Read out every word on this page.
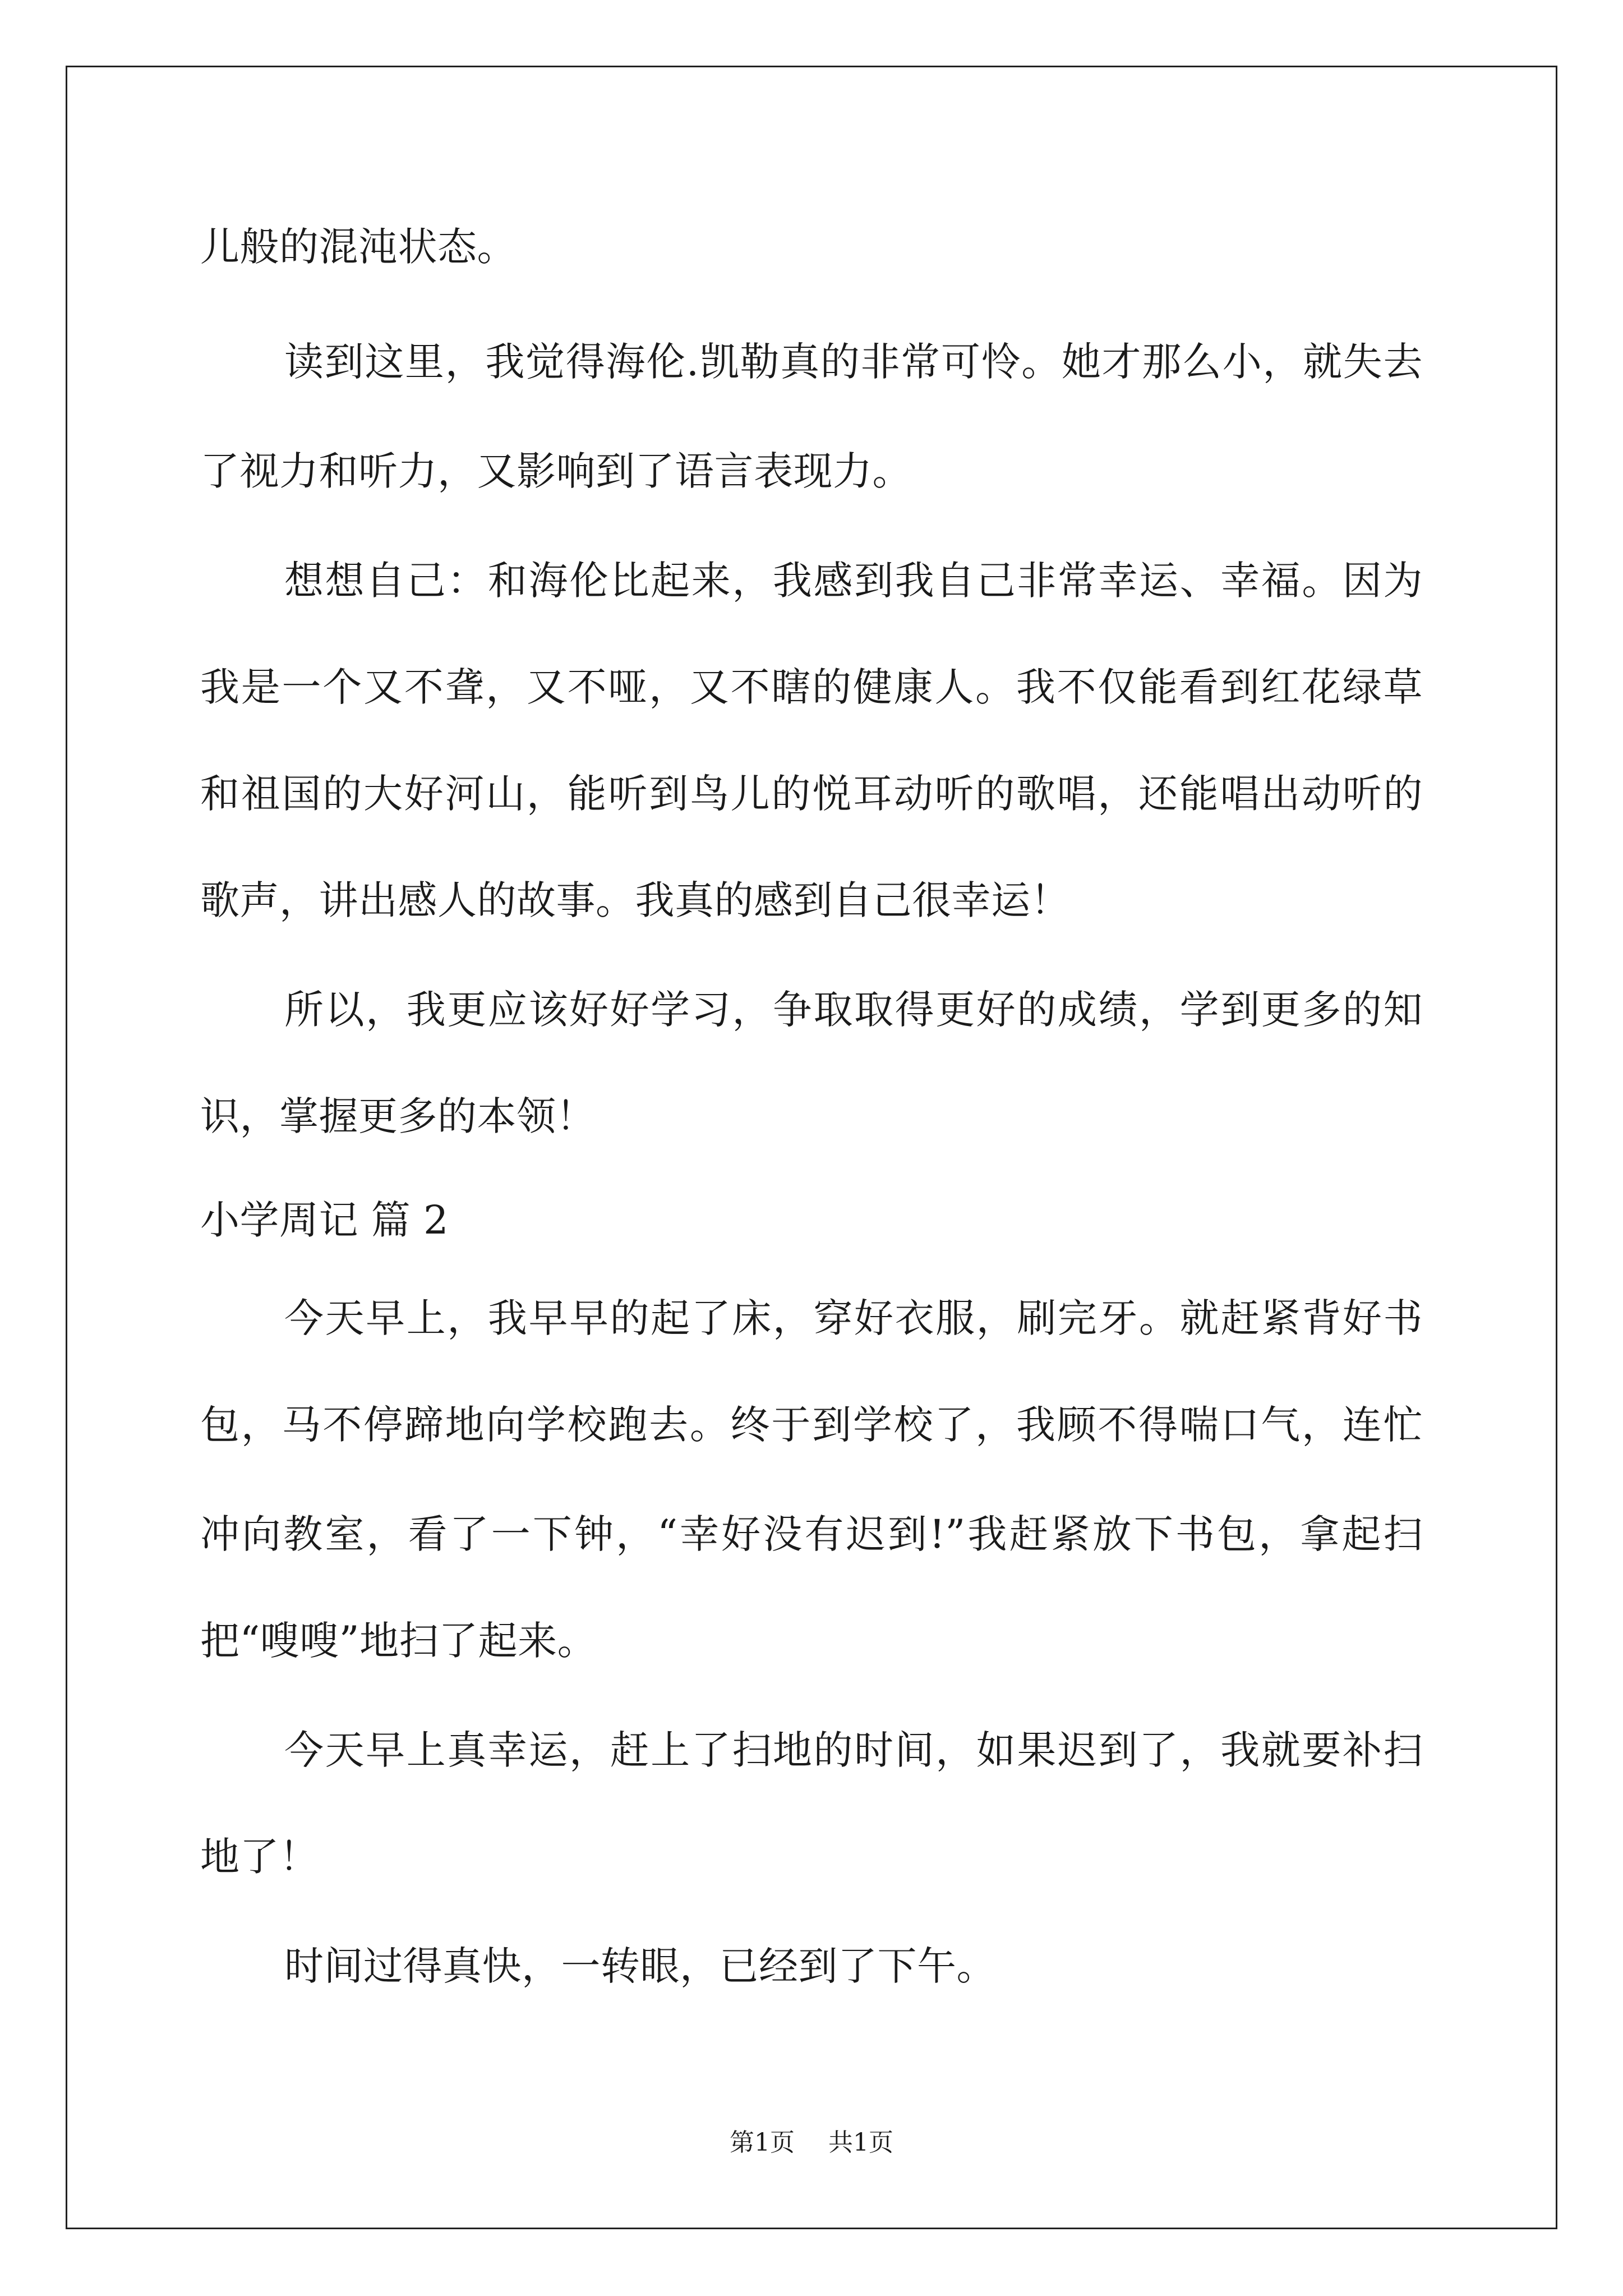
儿般的混沌状态。
读到这里，我觉得海伦.凯勒真的非常可怜。她才那么小，就失去
了视力和听力，又影响到了语言表现力。
想想自己：和海伦比起来，我感到我自己非常幸运、幸福。因为
我是一个又不聋，又不哑，又不瞎的健康人。我不仅能看到红花绿草
和祖国的大好河山，能听到鸟儿的悦耳动听的歌唱，还能唱出动听的
歌声，讲出感人的故事。我真的感到自己很幸运！
所以，我更应该好好学习，争取取得更好的成绩，学到更多的知
识，掌握更多的本领！
小学周记 篇 2
今天早上，我早早的起了床，穿好衣服，刷完牙。就赶紧背好书
包，马不停蹄地向学校跑去。终于到学校了，我顾不得喘口气，连忙
冲向教室，看了一下钟，“幸好没有迟到!”我赶紧放下书包，拿起扫
把“嗖嗖”地扫了起来。
今天早上真幸运，赶上了扫地的时间，如果迟到了，我就要补扫
地了！
时间过得真快，一转眼，已经到了下午。
第1页 共1页
